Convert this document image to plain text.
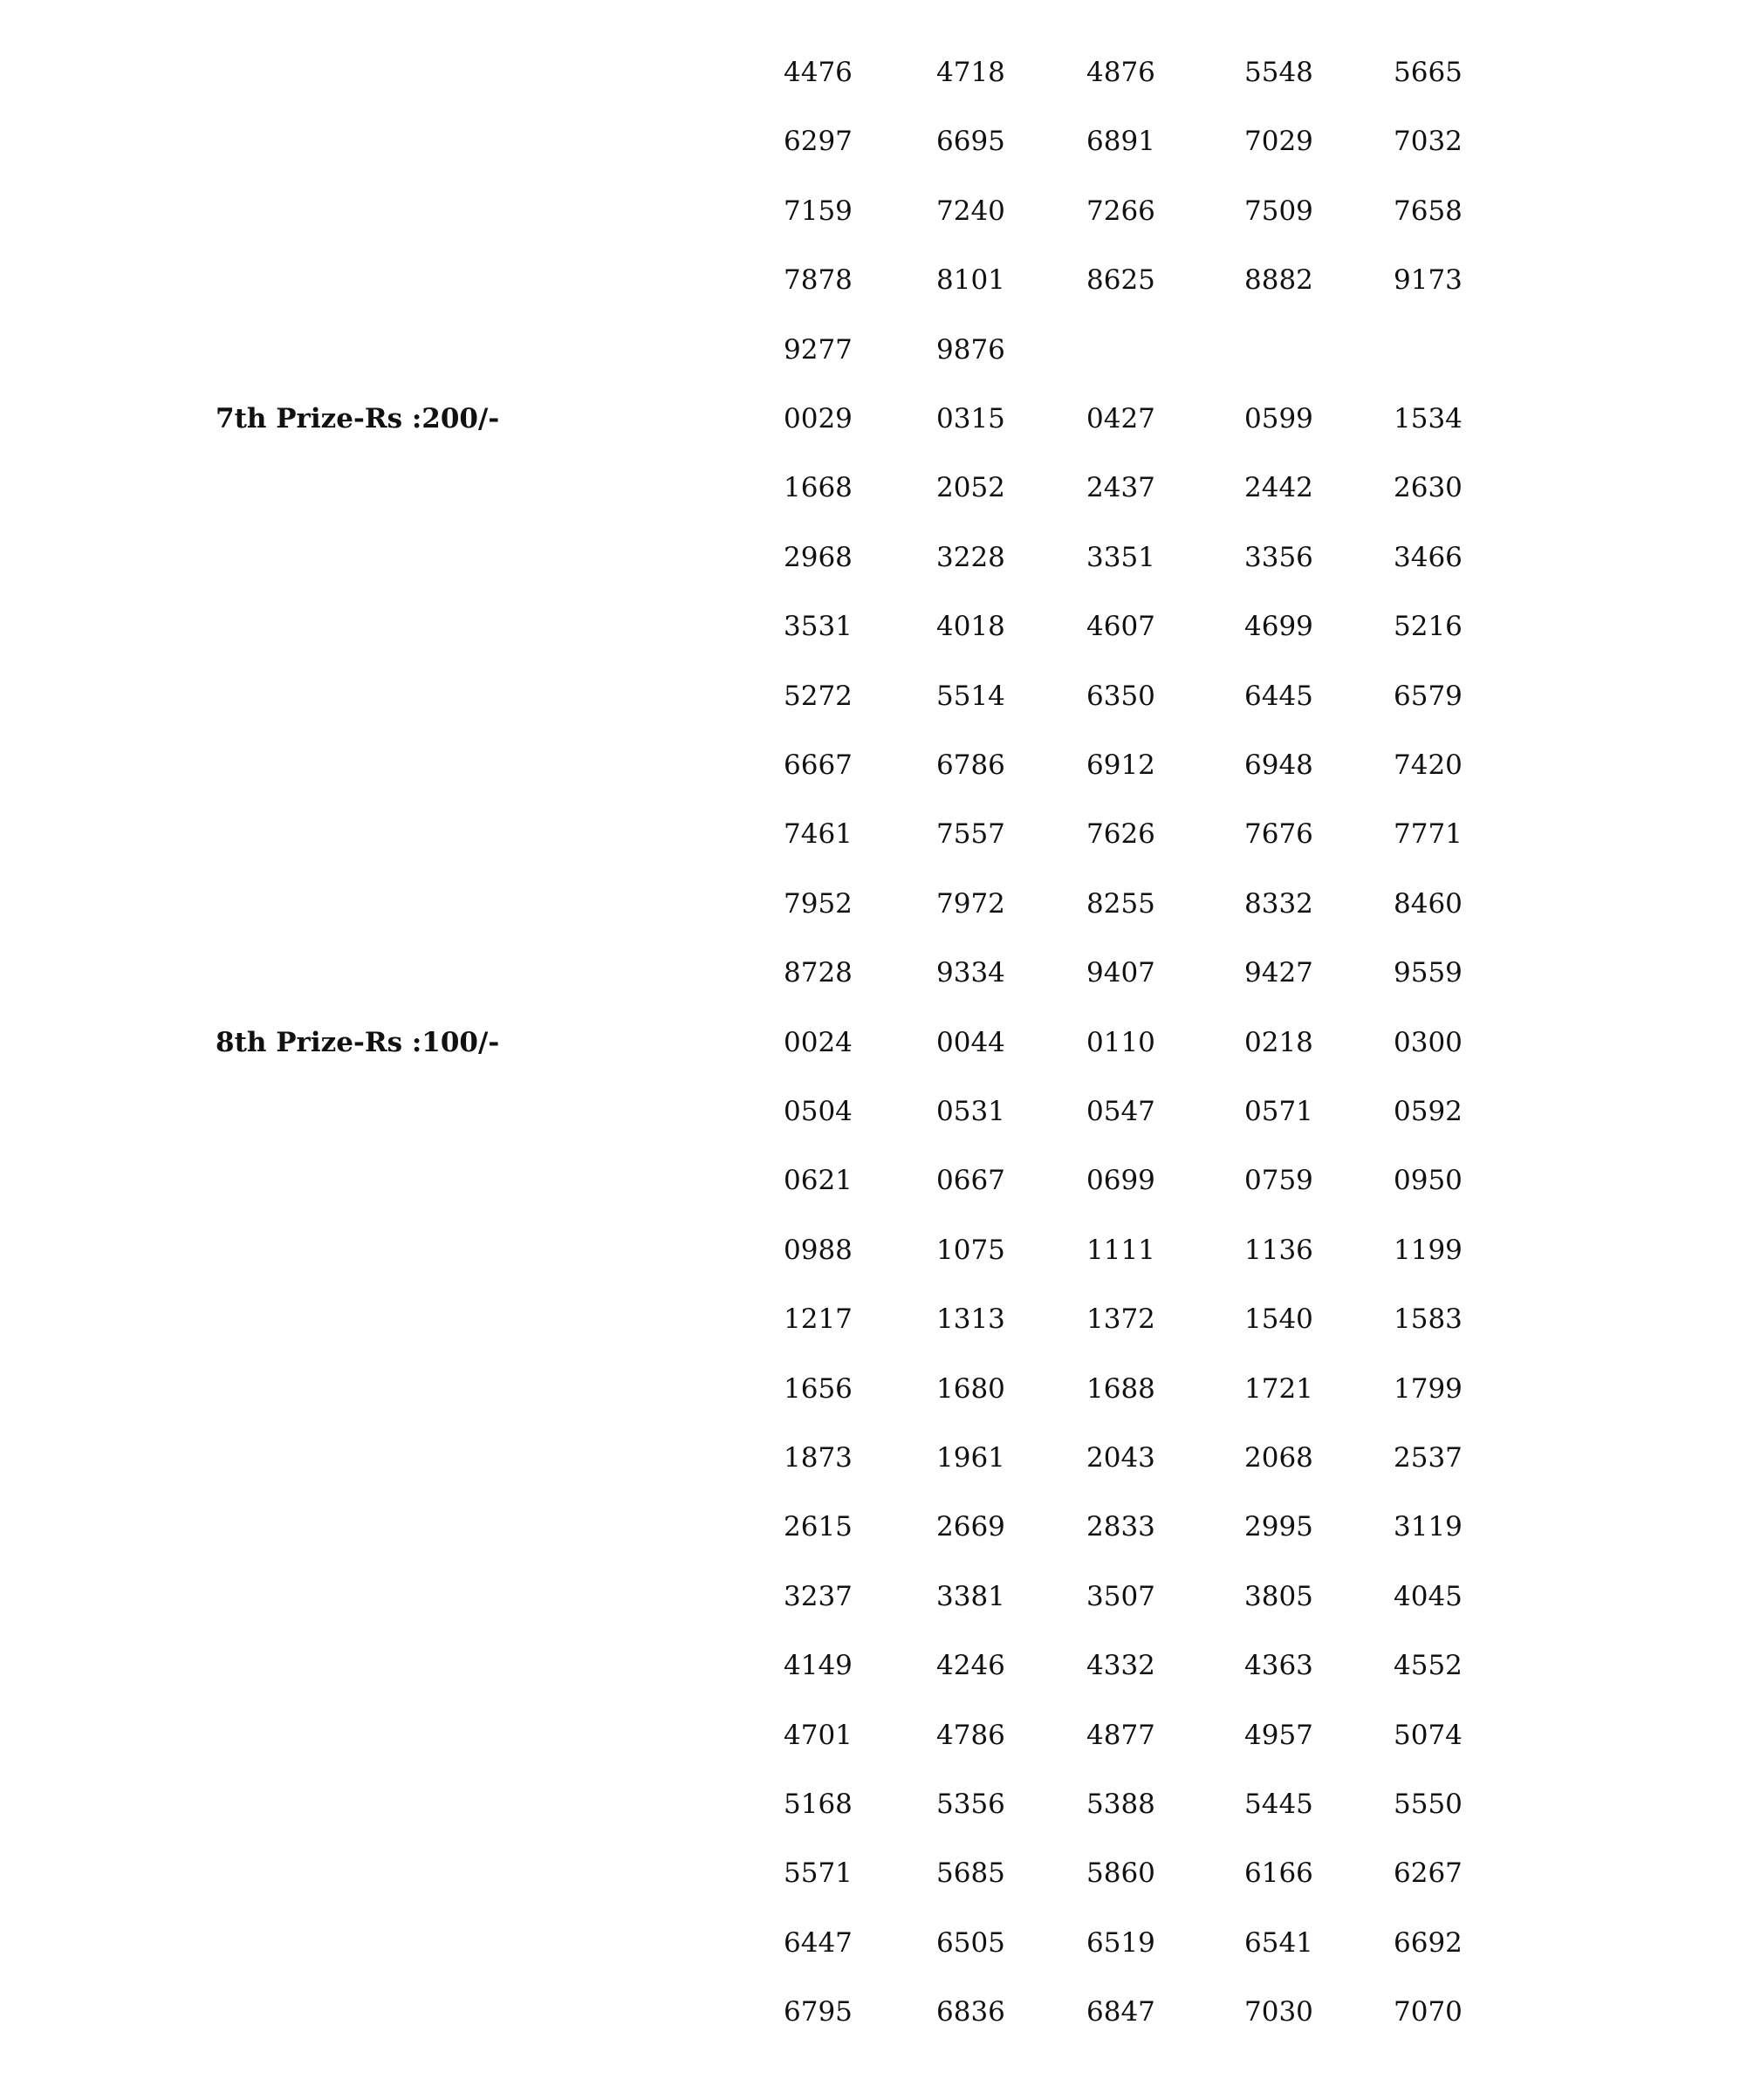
4476	4718	4876	5548	5665
6297	6695	6891	7029	7032
7159	7240	7266	7509	7658
7878	8101	8625	8882	9173
9277	9876
7th Prize-Rs :200/-	0029	0315	0427	0599	1534
1668	2052	2437	2442	2630
2968	3228	3351	3356	3466
3531	4018	4607	4699	5216
5272	5514	6350	6445	6579
6667	6786	6912	6948	7420
7461	7557	7626	7676	7771
7952	7972	8255	8332	8460
8728	9334	9407	9427	9559
8th Prize-Rs :100/-	0024	0044	0110	0218	0300
0504	0531	0547	0571	0592
0621	0667	0699	0759	0950
0988	1075	1111	1136	1199
1217	1313	1372	1540	1583
1656	1680	1688	1721	1799
1873	1961	2043	2068	2537
2615	2669	2833	2995	3119
3237	3381	3507	3805	4045
4149	4246	4332	4363	4552
4701	4786	4877	4957	5074
5168	5356	5388	5445	5550
5571	5685	5860	6166	6267
6447	6505	6519	6541	6692
6795	6836	6847	7030	7070
